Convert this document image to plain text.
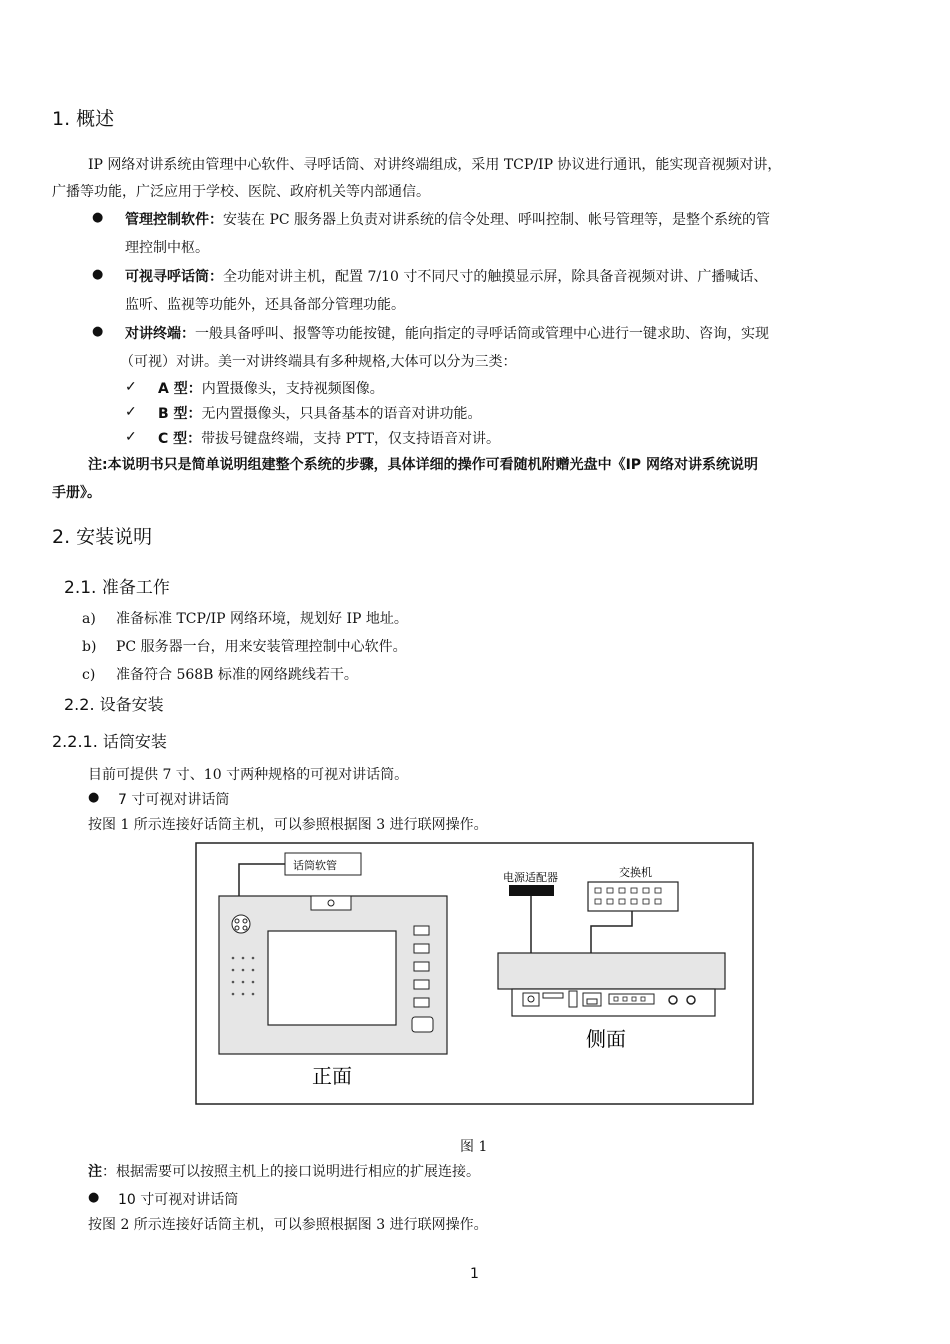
1. 概述
IP 网络对讲系统由管理中心软件、寻呼话筒、对讲终端组成，采用 TCP/IP 协议进行通讯，能实现音视频对讲，
广播等功能，广泛应用于学校、医院、政府机关等内部通信。
● 管理控制软件：安装在 PC 服务器上负责对讲系统的信令处理、呼叫控制、帐号管理等，是整个系统的管
理控制中枢。
● 可视寻呼话筒：全功能对讲主机，配置 7/10 寸不同尺寸的触摸显示屏，除具备音视频对讲、广播喊话、
监听、监视等功能外，还具备部分管理功能。
● 对讲终端：一般具备呼叫、报警等功能按键，能向指定的寻呼话筒或管理中心进行一键求助、咨询，实现
（可视）对讲。美一对讲终端具有多种规格,大体可以分为三类：
✓ A 型：内置摄像头，支持视频图像。
✓ B 型：无内置摄像头，只具备基本的语音对讲功能。
✓ C 型：带拔号键盘终端，支持 PTT，仅支持语音对讲。
注:本说明书只是简单说明组建整个系统的步骤，具体详细的操作可看随机附赠光盘中《IP 网络对讲系统说明
手册》。
2. 安装说明
2.1. 准备工作
a) 准备标准 TCP/IP 网络环境，规划好 IP 地址。
b) PC 服务器一台，用来安装管理控制中心软件。
c) 准备符合 568B 标准的网络跳线若干。
2.2. 设备安装
2.2.1. 话筒安装
目前可提供 7 寸、10 寸两种规格的可视对讲话筒。
● 7 寸可视对讲话筒
按图 1 所示连接好话筒主机，可以参照根据图 3 进行联网操作。
话筒软管
正面
电源适配器	交换机
侧面
图 1
注：根据需要可以按照主机上的接口说明进行相应的扩展连接。
● 10 寸可视对讲话筒
按图 2 所示连接好话筒主机，可以参照根据图 3 进行联网操作。
1
